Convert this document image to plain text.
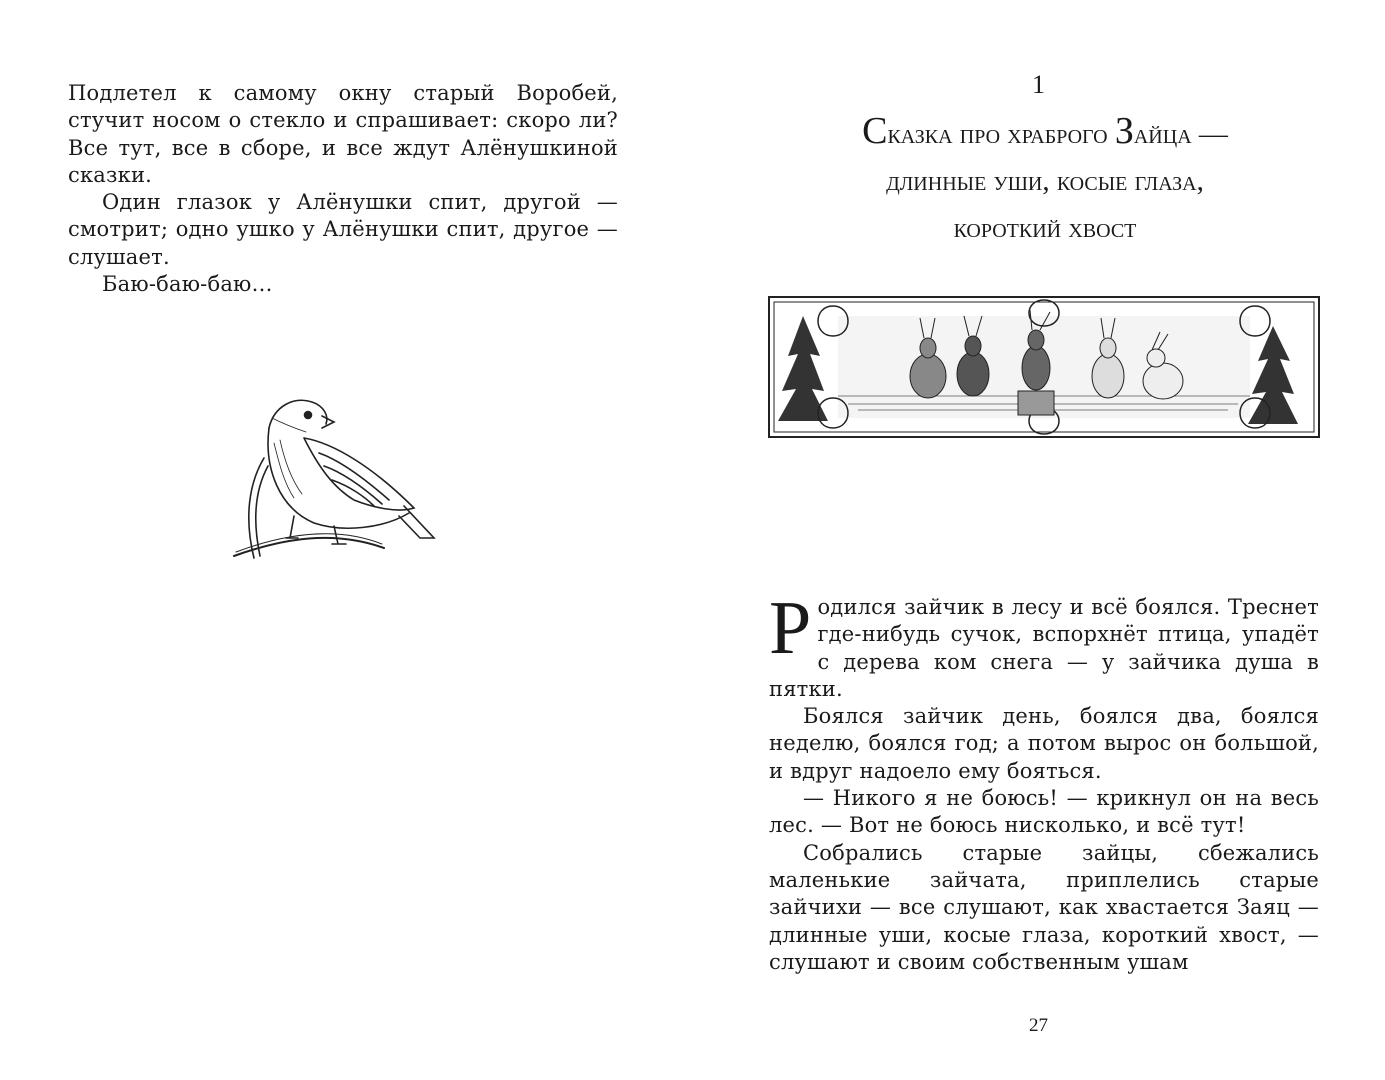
Подлетел к самому окну старый Воробей, стучит носом о стекло и спрашивает: скоро ли? Все тут, все в сборе, и все ждут Алёнушкиной сказки.

Один глазок у Алёнушки спит, другой — смотрит; одно ушко у Алёнушки спит, другое — слушает.

Баю-баю-баю…

1
Сказка про храброго Зайца —
длинные уши, косые глаза,
короткий хвост

Родился зайчик в лесу и всё боялся. Треснет где-нибудь сучок, вспорхнёт птица, упадёт с дерева ком снега — у зайчика душа в пятки.

Боялся зайчик день, боялся два, боялся неделю, боялся год; а потом вырос он большой, и вдруг надоело ему бояться.

— Никого я не боюсь! — крикнул он на весь лес. — Вот не боюсь нисколько, и всё тут!

Собрались старые зайцы, сбежались маленькие зайчата, приплелись старые зайчихи — все слушают, как хвастается Заяц — длинные уши, косые глаза, короткий хвост, — слушают и своим собственным ушам

27
